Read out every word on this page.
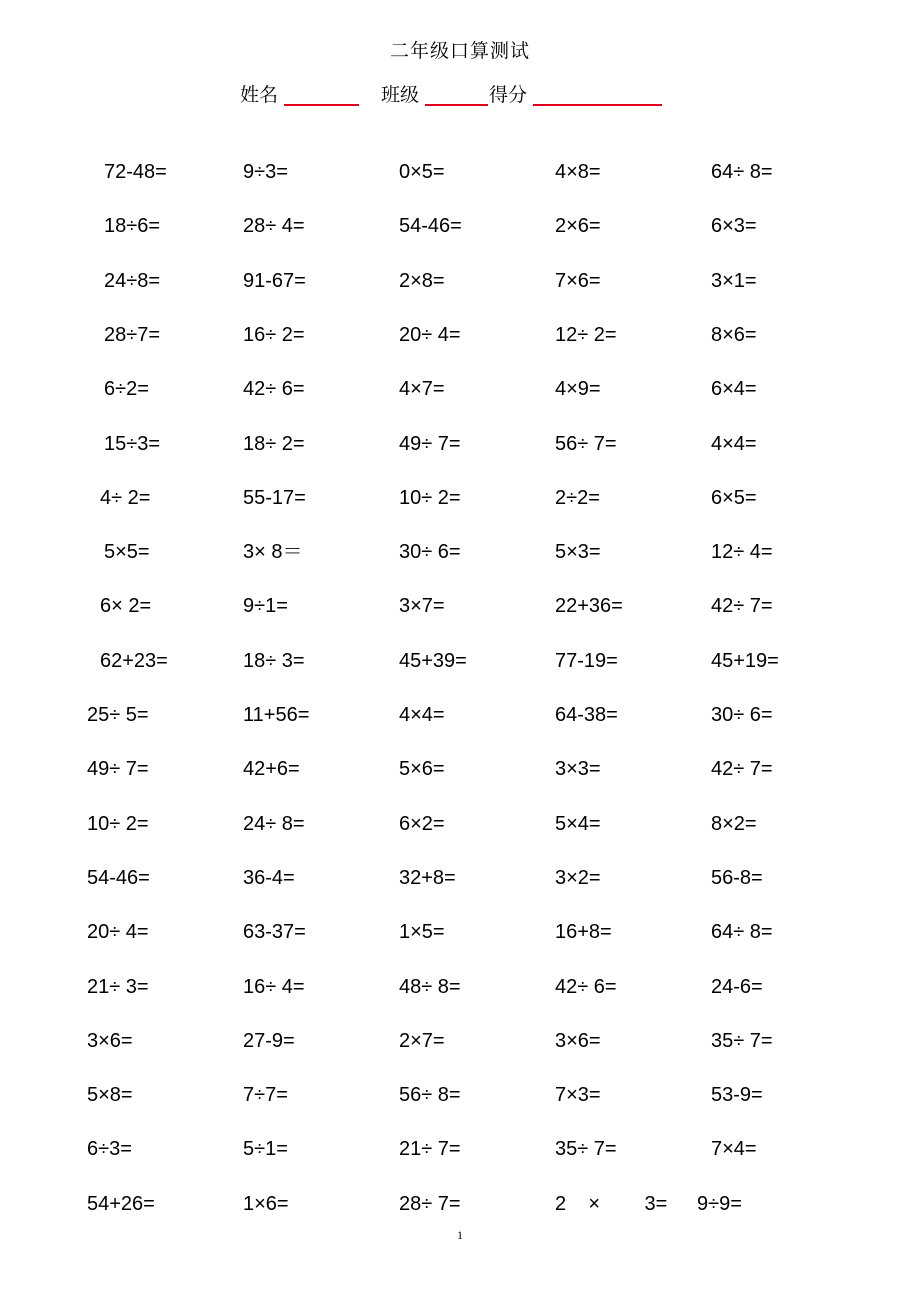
二年级口算测试
姓名	班级	得分
72-48=	9÷3=	0×5=	4×8=	64÷ 8=
18÷6=	28÷ 4=	54-46=	2×6=	6×3=
24÷8=	91-67=	2×8=	7×6=	3×1=
28÷7=	16÷ 2=	20÷ 4=	12÷ 2=	8×6=
6÷2=	42÷ 6=	4×7=	4×9=	6×4=
15÷3=	18÷ 2=	49÷ 7=	56÷ 7=	4×4=
4÷ 2=	55-17=	10÷ 2=	2÷2=	6×5=
5×5=	3× 8＝	30÷ 6=	5×3=	12÷ 4=
6× 2=	9÷1=	3×7=	22+36=	42÷ 7=
62+23=	18÷ 3=	45+39=	77-19=	45+19=
25÷ 5=	11+56=	4×4=	64-38=	30÷ 6=
49÷ 7=	42+6=	5×6=	3×3=	42÷ 7=
10÷ 2=	24÷ 8=	6×2=	5×4=	8×2=
54-46=	36-4=	32+8=	3×2=	56-8=
20÷ 4=	63-37=	1×5=	16+8=	64÷ 8=
21÷ 3=	16÷ 4=	48÷ 8=	42÷ 6=	24-6=
3×6=	27-9=	2×7=	3×6=	35÷ 7=
5×8=	7÷7=	56÷ 8=	7×3=	53-9=
6÷3=	5÷1=	21÷ 7=	35÷ 7=	7×4=
54+26=	1×6=	28÷ 7=	2    ×        3= 9÷9=
1
